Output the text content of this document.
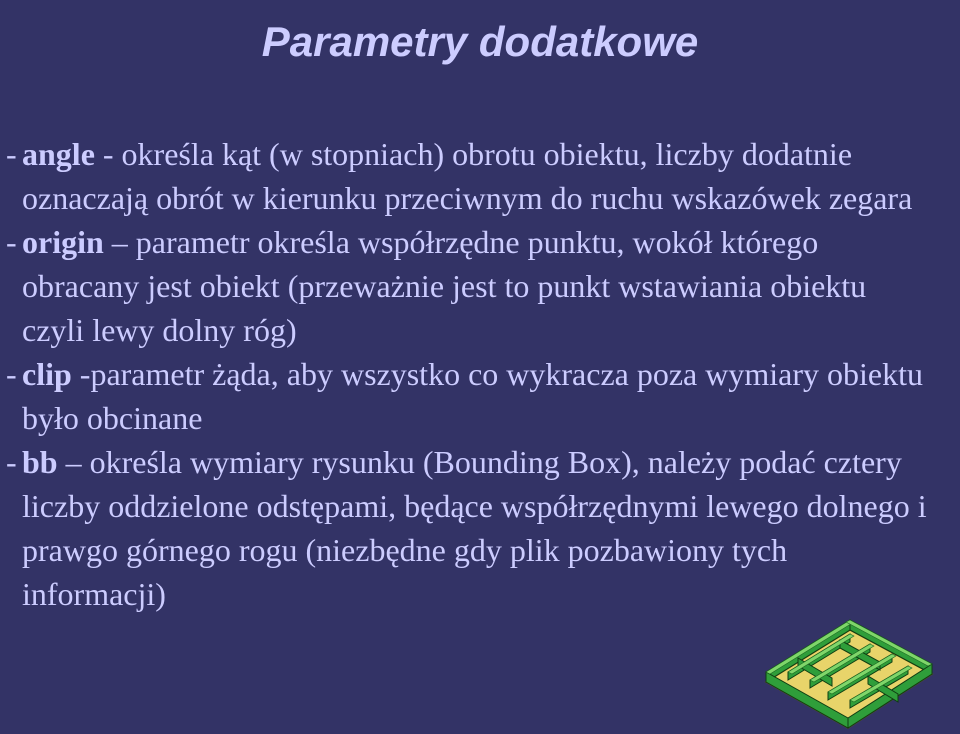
Parametry dodatkowe
- angle - określa kąt (w stopniach) obrotu obiektu, liczby dodatnie oznaczają obrót w kierunku przeciwnym do ruchu wskazówek zegara
- origin – parametr określa współrzędne punktu, wokół którego obracany jest obiekt (przeważnie jest to punkt wstawiania obiektu czyli lewy dolny róg)
- clip -parametr żąda, aby wszystko co wykracza poza wymiary obiektu było obcinane
- bb – określa wymiary rysunku (Bounding Box), należy podać cztery liczby oddzielone odstępami, będące współrzędnymi lewego dolnego i prawgo górnego rogu (niezbędne gdy plik pozbawiony tych informacji)
